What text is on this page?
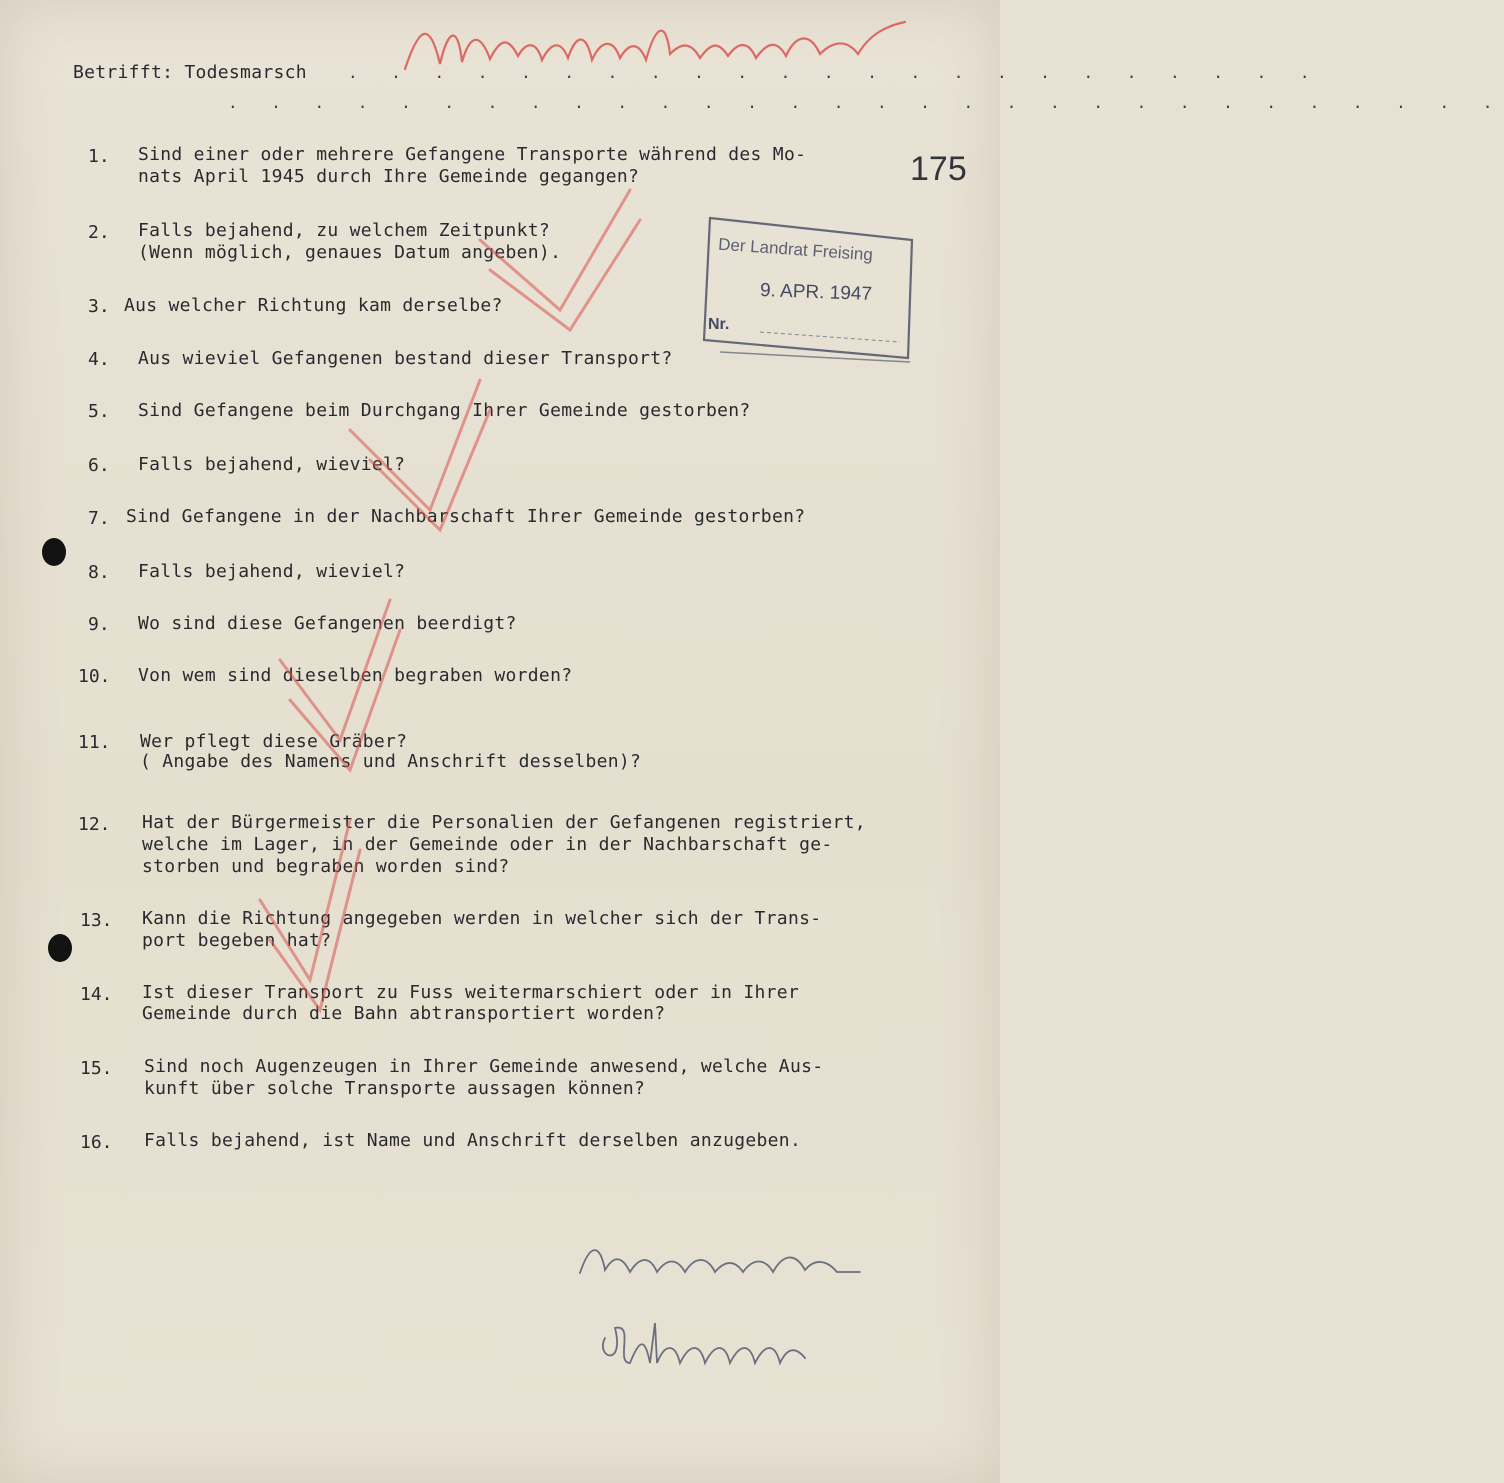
Betrifft: Todesmarsch	. . . . . . . . . . . . . . . . . . . . . . .
. . . . . . . . . . . . . . . . . . . . . . . . . . . . . .
175
Der Landrat Freising
9. APR. 1947
Nr.
1. Sind einer oder mehrere Gefangene Transporte während des Mo-
nats April 1945 durch Ihre Gemeinde gegangen?
2. Falls bejahend, zu welchem Zeitpunkt?
(Wenn möglich, genaues Datum angeben).
3. Aus welcher Richtung kam derselbe?
4. Aus wieviel Gefangenen bestand dieser Transport?
5. Sind Gefangene beim Durchgang Ihrer Gemeinde gestorben?
6. Falls bejahend, wieviel?
7. Sind Gefangene in der Nachbarschaft Ihrer Gemeinde gestorben?
8. Falls bejahend, wieviel?
9. Wo sind diese Gefangenen beerdigt?
10. Von wem sind dieselben begraben worden?
11. Wer pflegt diese Gräber?
( Angabe des Namens und Anschrift desselben)?
12. Hat der Bürgermeister die Personalien der Gefangenen registriert,
welche im Lager, in der Gemeinde oder in der Nachbarschaft ge-
storben und begraben worden sind?
13. Kann die Richtung angegeben werden in welcher sich der Trans-
port begeben hat?
14. Ist dieser Transport zu Fuss weitermarschiert oder in Ihrer
Gemeinde durch die Bahn abtransportiert worden?
15. Sind noch Augenzeugen in Ihrer Gemeinde anwesend, welche Aus-
kunft über solche Transporte aussagen können?
16. Falls bejahend, ist Name und Anschrift derselben anzugeben.
